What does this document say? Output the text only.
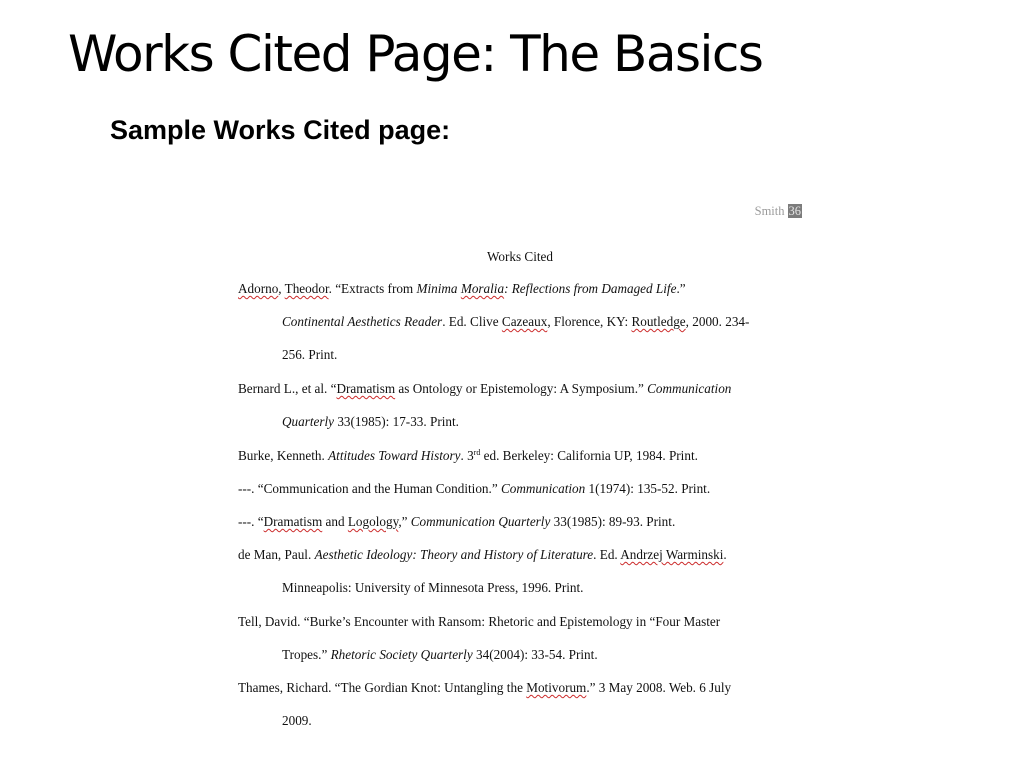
Works Cited Page: The Basics
Sample Works Cited page:
Smith 36
Works Cited
Adorno, Theodor. “Extracts from Minima Moralia: Reflections from Damaged Life.”
Continental Aesthetics Reader. Ed. Clive Cazeaux, Florence, KY: Routledge, 2000. 234-
256. Print.
Bernard L., et al. “Dramatism as Ontology or Epistemology: A Symposium.” Communication
Quarterly 33(1985): 17-33. Print.
Burke, Kenneth. Attitudes Toward History. 3rd ed. Berkeley: California UP, 1984. Print.
---. “Communication and the Human Condition.” Communication 1(1974): 135-52. Print.
---. “Dramatism and Logology,” Communication Quarterly 33(1985): 89-93. Print.
de Man, Paul. Aesthetic Ideology: Theory and History of Literature. Ed. Andrzej Warminski.
Minneapolis: University of Minnesota Press, 1996. Print.
Tell, David. “Burke’s Encounter with Ransom: Rhetoric and Epistemology in “Four Master
Tropes.” Rhetoric Society Quarterly 34(2004): 33-54. Print.
Thames, Richard. “The Gordian Knot: Untangling the Motivorum.” 3 May 2008. Web. 6 July
2009.
